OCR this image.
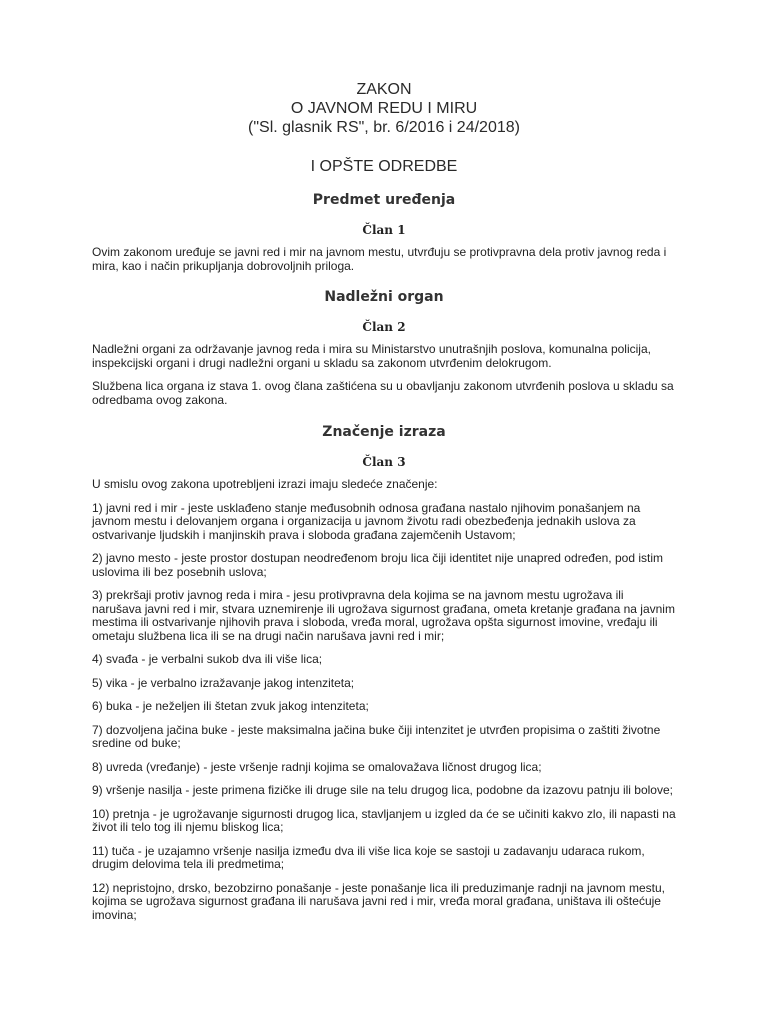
ZAKON

O JAVNOM REDU I MIRU

("Sl. glasnik RS", br. 6/2016 i 24/2018)

I OPŠTE ODREDBE

Predmet uređenja

Član 1

Ovim zakonom uređuje se javni red i mir na javnom mestu, utvrđuju se protivpravna dela protiv javnog reda i mira, kao i način prikupljanja dobrovoljnih priloga.

Nadležni organ

Član 2

Nadležni organi za održavanje javnog reda i mira su Ministarstvo unutrašnjih poslova, komunalna policija, inspekcijski organi i drugi nadležni organi u skladu sa zakonom utvrđenim delokrugom.

Službena lica organa iz stava 1. ovog člana zaštićena su u obavljanju zakonom utvrđenih poslova u skladu sa odredbama ovog zakona.

Značenje izraza

Član 3

U smislu ovog zakona upotrebljeni izrazi imaju sledeće značenje:

1) javni red i mir - jeste usklađeno stanje međusobnih odnosa građana nastalo njihovim ponašanjem na javnom mestu i delovanjem organa i organizacija u javnom životu radi obezbeđenja jednakih uslova za ostvarivanje ljudskih i manjinskih prava i sloboda građana zajemčenih Ustavom;

2) javno mesto - jeste prostor dostupan neodređenom broju lica čiji identitet nije unapred određen, pod istim uslovima ili bez posebnih uslova;

3) prekršaji protiv javnog reda i mira - jesu protivpravna dela kojima se na javnom mestu ugrožava ili narušava javni red i mir, stvara uznemirenje ili ugrožava sigurnost građana, ometa kretanje građana na javnim mestima ili ostvarivanje njihovih prava i sloboda, vređa moral, ugrožava opšta sigurnost imovine, vređaju ili ometaju službena lica ili se na drugi način narušava javni red i mir;

4) svađa - je verbalni sukob dva ili više lica;

5) vika - je verbalno izražavanje jakog intenziteta;

6) buka - je neželjen ili štetan zvuk jakog intenziteta;

7) dozvoljena jačina buke - jeste maksimalna jačina buke čiji intenzitet je utvrđen propisima o zaštiti životne sredine od buke;

8) uvreda (vređanje) - jeste vršenje radnji kojima se omalovažava ličnost drugog lica;

9) vršenje nasilja - jeste primena fizičke ili druge sile na telu drugog lica, podobne da izazovu patnju ili bolove;

10) pretnja - je ugrožavanje sigurnosti drugog lica, stavljanjem u izgled da će se učiniti kakvo zlo, ili napasti na život ili telo tog ili njemu bliskog lica;

11) tuča - je uzajamno vršenje nasilja između dva ili više lica koje se sastoji u zadavanju udaraca rukom, drugim delovima tela ili predmetima;

12) nepristojno, drsko, bezobzirno ponašanje - jeste ponašanje lica ili preduzimanje radnji na javnom mestu, kojima se ugrožava sigurnost građana ili narušava javni red i mir, vređa moral građana, uništava ili oštećuje imovina;
